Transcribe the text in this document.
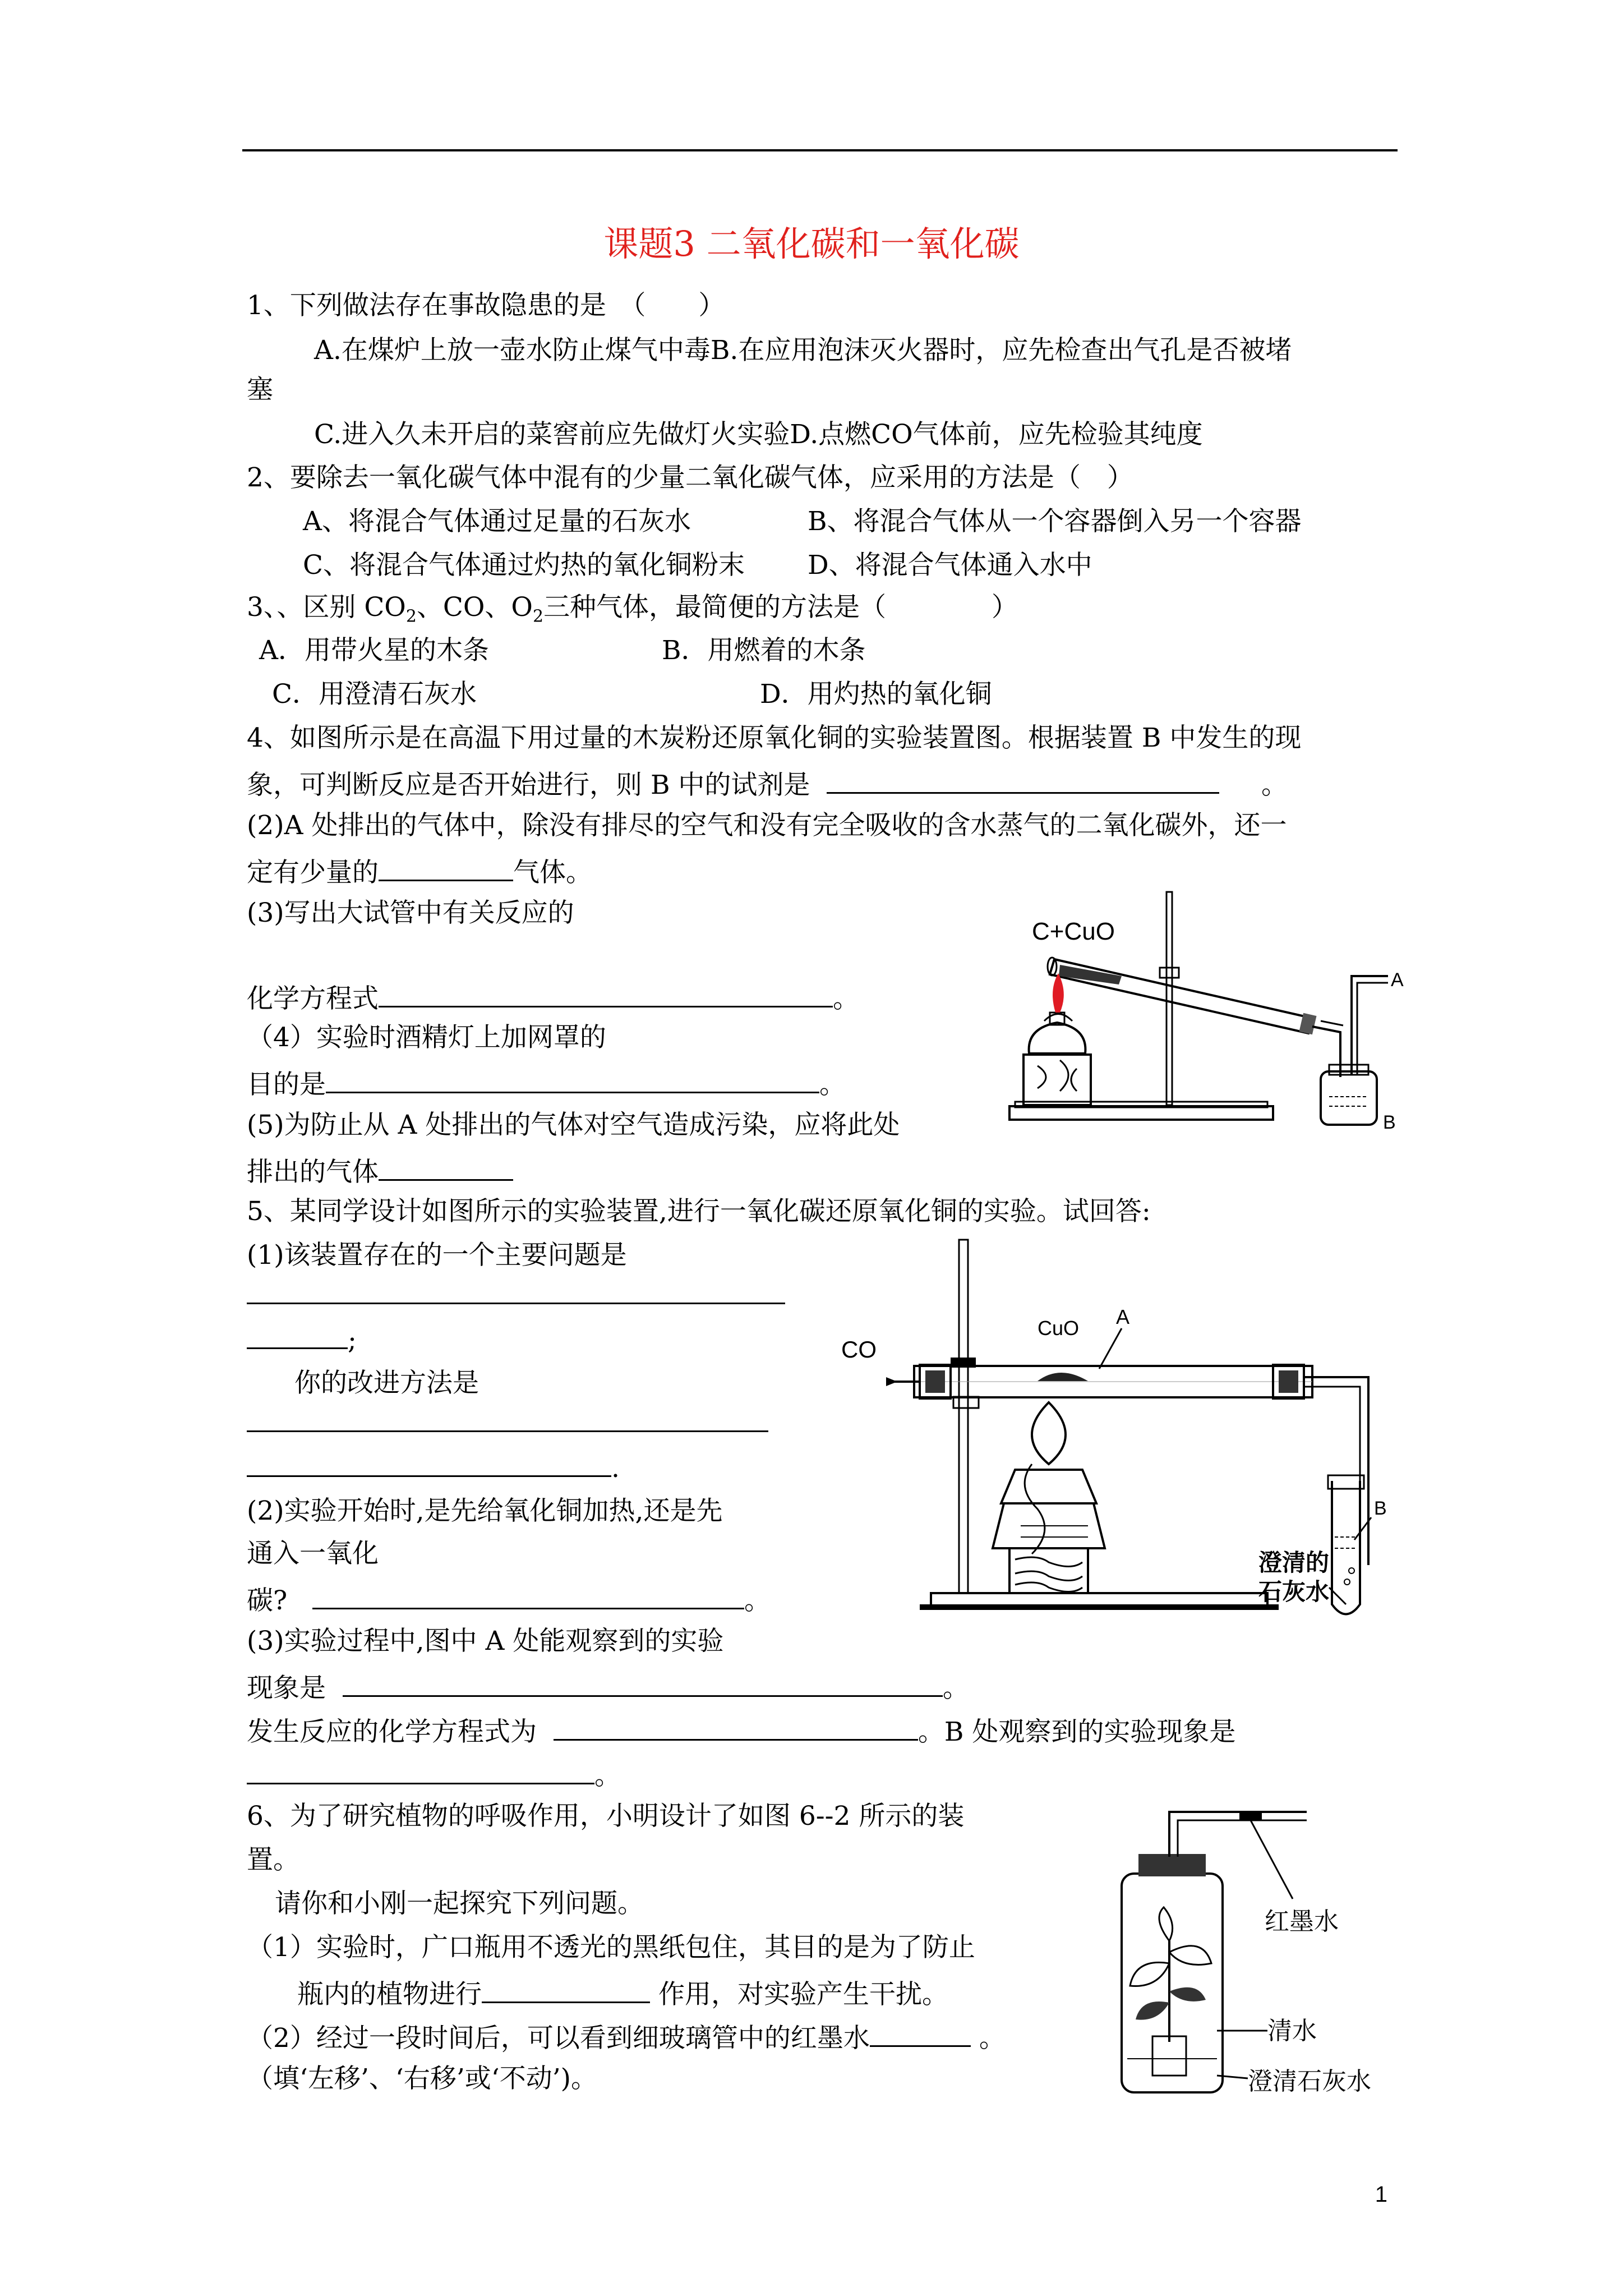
课题3 二氧化碳和一氧化碳
1、下列做法存在事故隐患的是　（　　）
A.在煤炉上放一壶水防止煤气中毒B.在应用泡沫灭火器时，应先检查出气孔是否被堵
塞
C.进入久未开启的菜窖前应先做灯火实验D.点燃CO气体前，应先检验其纯度
2、要除去一氧化碳气体中混有的少量二氧化碳气体，应采用的方法是（　）
A、将混合气体通过足量的石灰水	B、将混合气体从一个容器倒入另一个容器
C、将混合气体通过灼热的氧化铜粉末 D、将混合气体通入水中
3、、区别 $CO_2$、CO、$O_2$三种气体，最简便的方法是（　　　　）
A．用带火星的木条	B．用燃着的木条
C．用澄清石灰水	D．用灼热的氧化铜
4、如图所示是在高温下用过量的木炭粉还原氧化铜的实验装置图。根据装置 B 中发生的现
象，可判断反应是否开始进行，则 B 中的试剂是	。
(2)A 处排出的气体中，除没有排尽的空气和没有完全吸收的含水蒸气的二氧化碳外，还一
定有少量的	气体。
(3)写出大试管中有关反应的
化学方程式	。
（4）实验时酒精灯上加网罩的
目的是	。
(5)为防止从 A 处排出的气体对空气造成污染，应将此处
排出的气体
C+CuO
A
B
5、某同学设计如图所示的实验装置,进行一氧化碳还原氧化铜的实验。试回答:
(1)该装置存在的一个主要问题是
;
你的改进方法是
.
(2)实验开始时,是先给氧化铜加热,还是先
通入一氧化
碳?	。
(3)实验过程中,图中 A 处能观察到的实验
现象是	。
发生反应的化学方程式为	。B 处观察到的实验现象是
。
CO
CuO A
澄清的
石灰水
B
6、为了研究植物的呼吸作用，小明设计了如图 6--2 所示的装
置。
请你和小刚一起探究下列问题。
（1）实验时，广口瓶用不透光的黑纸包住，其目的是为了防止
瓶内的植物进行	作用，对实验产生干扰。
（2）经过一段时间后，可以看到细玻璃管中的红墨水	。
（填‘左移’、‘右移’或‘不动’)。
红墨水
清水
澄清石灰水
1
